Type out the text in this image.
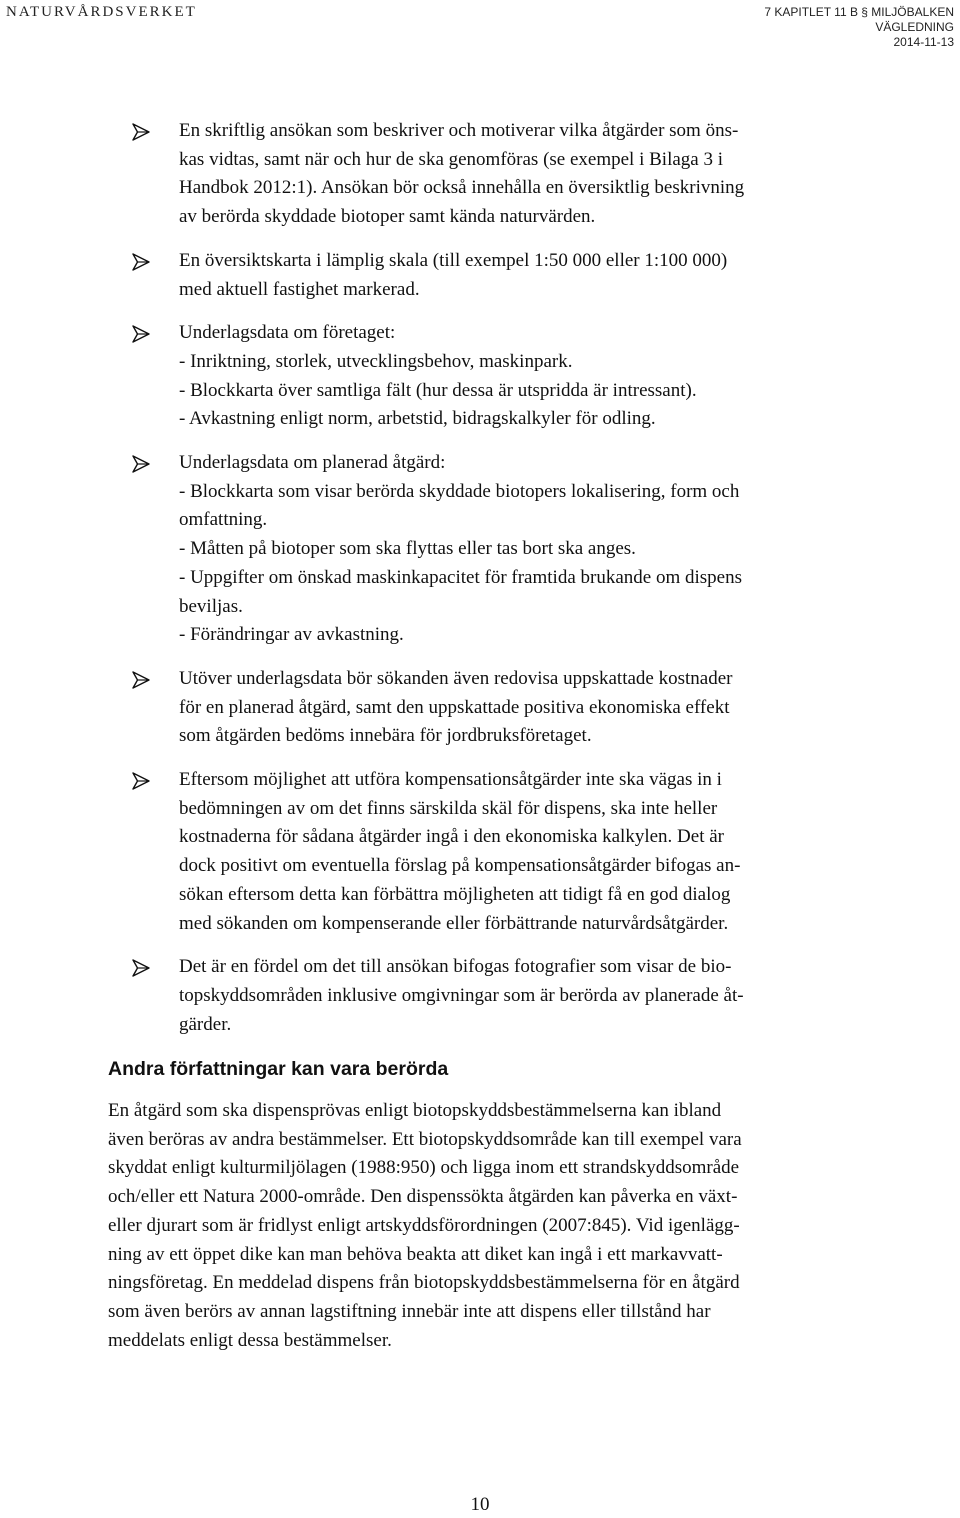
NATURVÅRDSVERKET	7 KAPITLET 11 B § MILJÖBALKEN
VÄGLEDNING
2014-11-13
En skriftlig ansökan som beskriver och motiverar vilka åtgärder som öns-
kas vidtas, samt när och hur de ska genomföras (se exempel i Bilaga 3 i
Handbok 2012:1). Ansökan bör också innehålla en översiktlig beskrivning
av berörda skyddade biotoper samt kända naturvärden.
En översiktskarta i lämplig skala (till exempel 1:50 000 eller 1:100 000)
med aktuell fastighet markerad.
Underlagsdata om företaget:
- Inriktning, storlek, utvecklingsbehov, maskinpark.
- Blockkarta över samtliga fält (hur dessa är utspridda är intressant).
- Avkastning enligt norm, arbetstid, bidragskalkyler för odling.
Underlagsdata om planerad åtgärd:
- Blockkarta som visar berörda skyddade biotopers lokalisering, form och
omfattning.
- Måtten på biotoper som ska flyttas eller tas bort ska anges.
- Uppgifter om önskad maskinkapacitet för framtida brukande om dispens
beviljas.
- Förändringar av avkastning.
Utöver underlagsdata bör sökanden även redovisa uppskattade kostnader
för en planerad åtgärd, samt den uppskattade positiva ekonomiska effekt
som åtgärden bedöms innebära för jordbruksföretaget.
Eftersom möjlighet att utföra kompensationsåtgärder inte ska vägas in i
bedömningen av om det finns särskilda skäl för dispens, ska inte heller
kostnaderna för sådana åtgärder ingå i den ekonomiska kalkylen. Det är
dock positivt om eventuella förslag på kompensationsåtgärder bifogas an-
sökan eftersom detta kan förbättra möjligheten att tidigt få en god dialog
med sökanden om kompenserande eller förbättrande naturvårdsåtgärder.
Det är en fördel om det till ansökan bifogas fotografier som visar de bio-
topskyddsområden inklusive omgivningar som är berörda av planerade åt-
gärder.
Andra författningar kan vara berörda
En åtgärd som ska dispensprövas enligt biotopskyddsbestämmelserna kan ibland
även beröras av andra bestämmelser. Ett biotopskyddsområde kan till exempel vara
skyddat enligt kulturmiljölagen (1988:950) och ligga inom ett strandskyddsområde
och/eller ett Natura 2000-område. Den dispenssökta åtgärden kan påverka en växt-
eller djurart som är fridlyst enligt artskyddsförordningen (2007:845). Vid igenlägg-
ning av ett öppet dike kan man behöva beakta att diket kan ingå i ett markavvatt-
ningsföretag. En meddelad dispens från biotopskyddsbestämmelserna för en åtgärd
som även berörs av annan lagstiftning innebär inte att dispens eller tillstånd har
meddelats enligt dessa bestämmelser.
10
